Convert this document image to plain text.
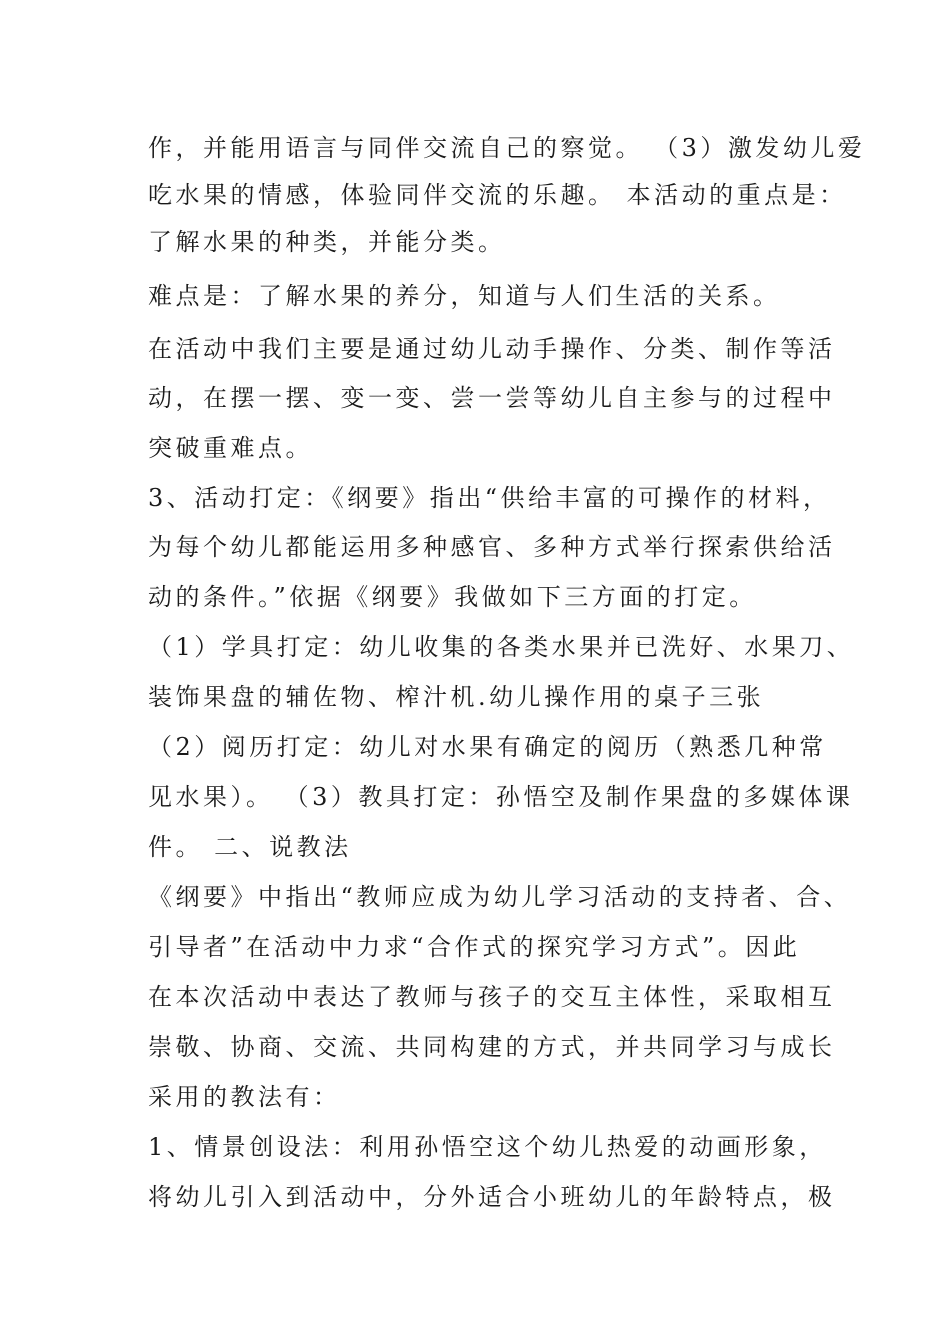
作，并能用语言与同伴交流自己的察觉。 （3）激发幼儿爱
吃水果的情感，体验同伴交流的乐趣。 本活动的重点是：
了解水果的种类，并能分类。
难点是：了解水果的养分，知道与人们生活的关系。
在活动中我们主要是通过幼儿动手操作、分类、制作等活
动，在摆一摆、变一变、尝一尝等幼儿自主参与的过程中
突破重难点。
3、活动打定：《纲要》指出“供给丰富的可操作的材料，
为每个幼儿都能运用多种感官、多种方式举行探索供给活
动的条件。”依据《纲要》我做如下三方面的打定。
（1）学具打定：幼儿收集的各类水果并已洗好、水果刀、
装饰果盘的辅佐物、榨汁机.幼儿操作用的桌子三张
（2）阅历打定：幼儿对水果有确定的阅历（熟悉几种常
见水果）。 （3）教具打定：孙悟空及制作果盘的多媒体课
件。 二、说教法
《纲要》中指出“教师应成为幼儿学习活动的支持者、合、
引导者”在活动中力求“合作式的探究学习方式”。因此
在本次活动中表达了教师与孩子的交互主体性，采取相互
崇敬、协商、交流、共同构建的方式，并共同学习与成长
采用的教法有：
1、情景创设法：利用孙悟空这个幼儿热爱的动画形象，
将幼儿引入到活动中，分外适合小班幼儿的年龄特点，极
